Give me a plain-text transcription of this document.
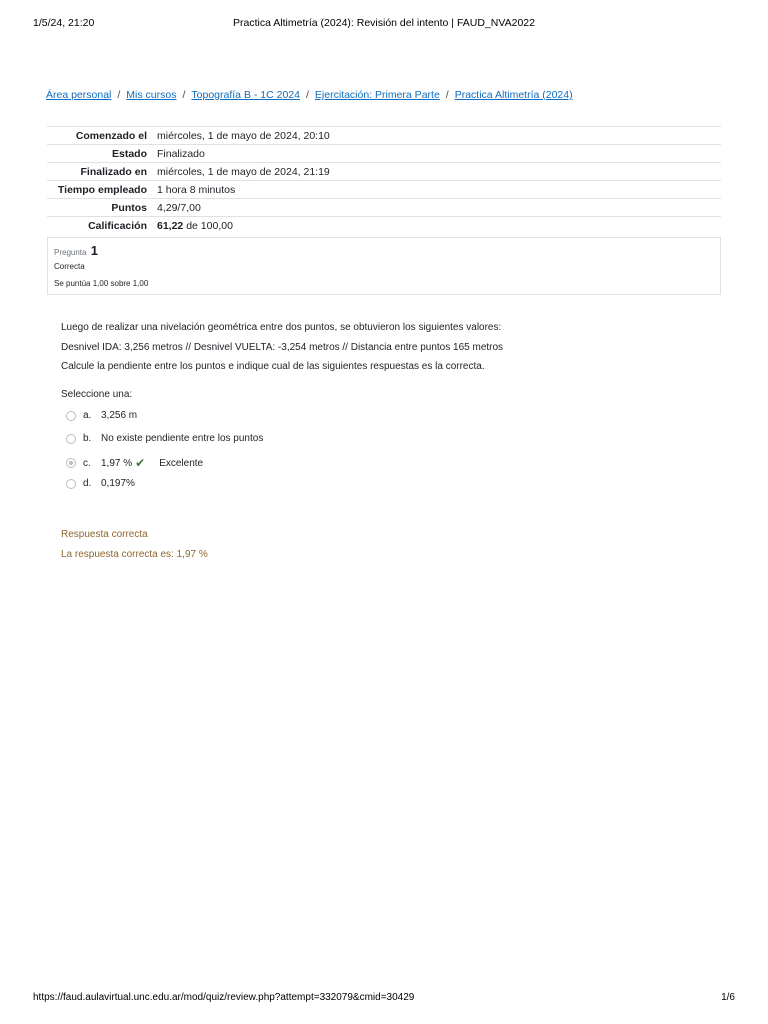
1/5/24, 21:20	Practica Altimetría (2024): Revisión del intento | FAUD_NVA2022
Área personal / Mis cursos / Topografía B - 1C 2024 / Ejercitación: Primera Parte / Practica Altimetría (2024)
Comenzado el	miércoles, 1 de mayo de 2024, 20:10
Estado	Finalizado
Finalizado en	miércoles, 1 de mayo de 2024, 21:19
Tiempo empleado	1 hora 8 minutos
Puntos	4,29/7,00
Calificación	61,22 de 100,00
Pregunta 1
Correcta
Se puntúa 1,00 sobre 1,00
Luego de realizar una nivelación geométrica entre dos puntos, se obtuvieron los siguientes valores:
Desnivel IDA: 3,256 metros // Desnivel VUELTA: -3,254 metros // Distancia entre puntos 165 metros
Calcule la pendiente entre los puntos e indique cual de las siguientes respuestas es la correcta.
Seleccione una:
a. 3,256 m
b. No existe pendiente entre los puntos
c.	1,97 % ✔ Excelente
d. 0,197%
Respuesta correcta
La respuesta correcta es: 1,97 %
https://faud.aulavirtual.unc.edu.ar/mod/quiz/review.php?attempt=332079&cmid=30429	1/6
